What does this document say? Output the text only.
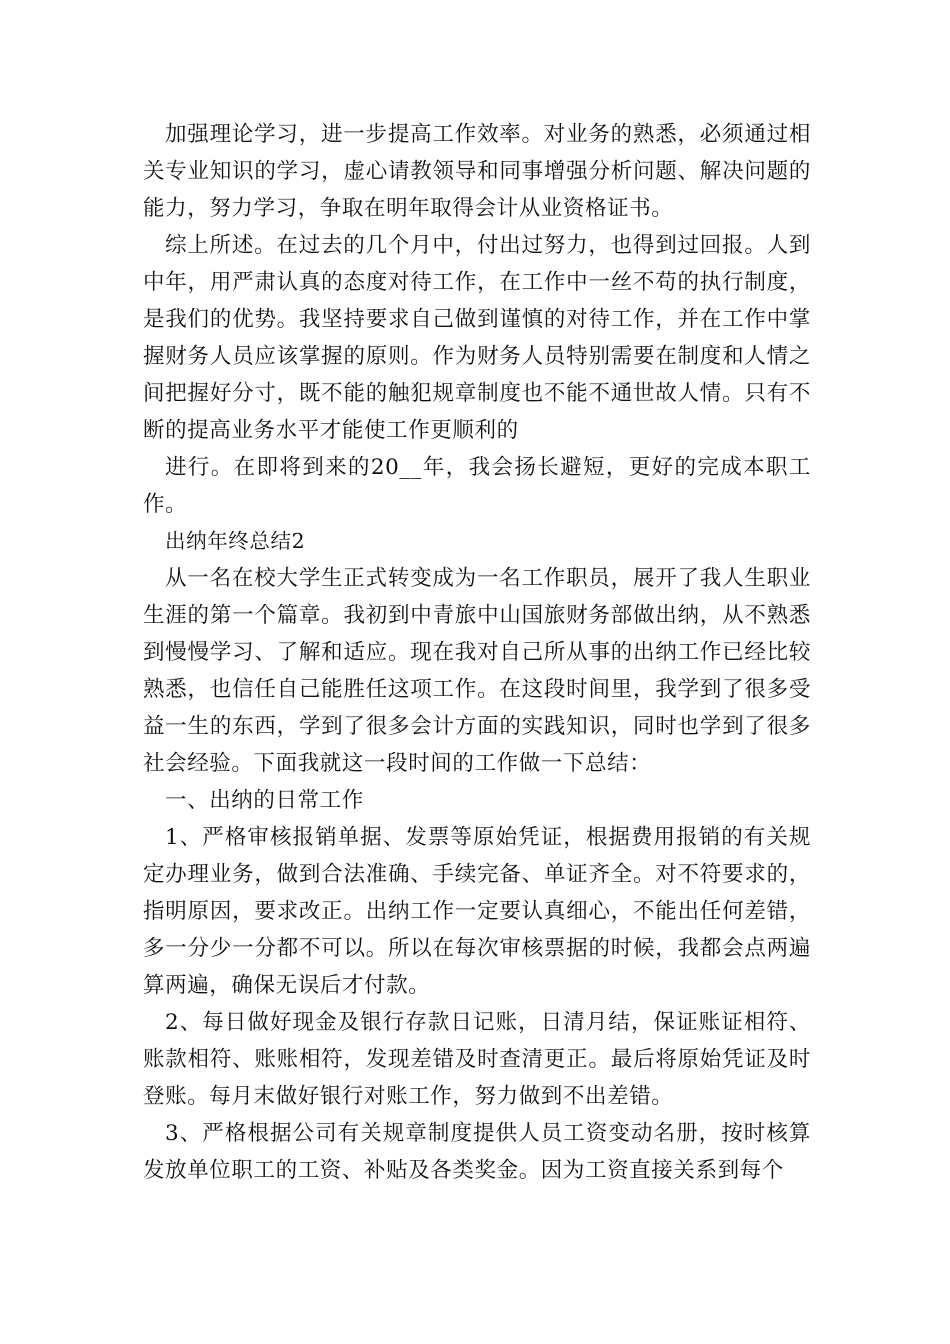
加强理论学习，进一步提高工作效率。对业务的熟悉，必须通过相关专业知识的学习，虚心请教领导和同事增强分析问题、解决问题的能力，努力学习，争取在明年取得会计从业资格证书。

综上所述。在过去的几个月中，付出过努力，也得到过回报。人到中年，用严肃认真的态度对待工作，在工作中一丝不苟的执行制度，是我们的优势。我坚持要求自己做到谨慎的对待工作，并在工作中掌握财务人员应该掌握的原则。作为财务人员特别需要在制度和人情之间把握好分寸，既不能的触犯规章制度也不能不通世故人情。只有不断的提高业务水平才能使工作更顺利的

进行。在即将到来的20__年，我会扬长避短，更好的完成本职工作。

出纳年终总结2

从一名在校大学生正式转变成为一名工作职员，展开了我人生职业生涯的第一个篇章。我初到中青旅中山国旅财务部做出纳，从不熟悉到慢慢学习、了解和适应。现在我对自己所从事的出纳工作已经比较熟悉，也信任自己能胜任这项工作。在这段时间里，我学到了很多受益一生的东西，学到了很多会计方面的实践知识，同时也学到了很多社会经验。下面我就这一段时间的工作做一下总结：

一、出纳的日常工作

1、严格审核报销单据、发票等原始凭证，根据费用报销的有关规定办理业务，做到合法准确、手续完备、单证齐全。对不符要求的，指明原因，要求改正。出纳工作一定要认真细心，不能出任何差错，多一分少一分都不可以。所以在每次审核票据的时候，我都会点两遍算两遍，确保无误后才付款。

2、每日做好现金及银行存款日记账，日清月结，保证账证相符、账款相符、账账相符，发现差错及时查清更正。最后将原始凭证及时登账。每月末做好银行对账工作，努力做到不出差错。

3、严格根据公司有关规章制度提供人员工资变动名册，按时核算发放单位职工的工资、补贴及各类奖金。因为工资直接关系到每个
